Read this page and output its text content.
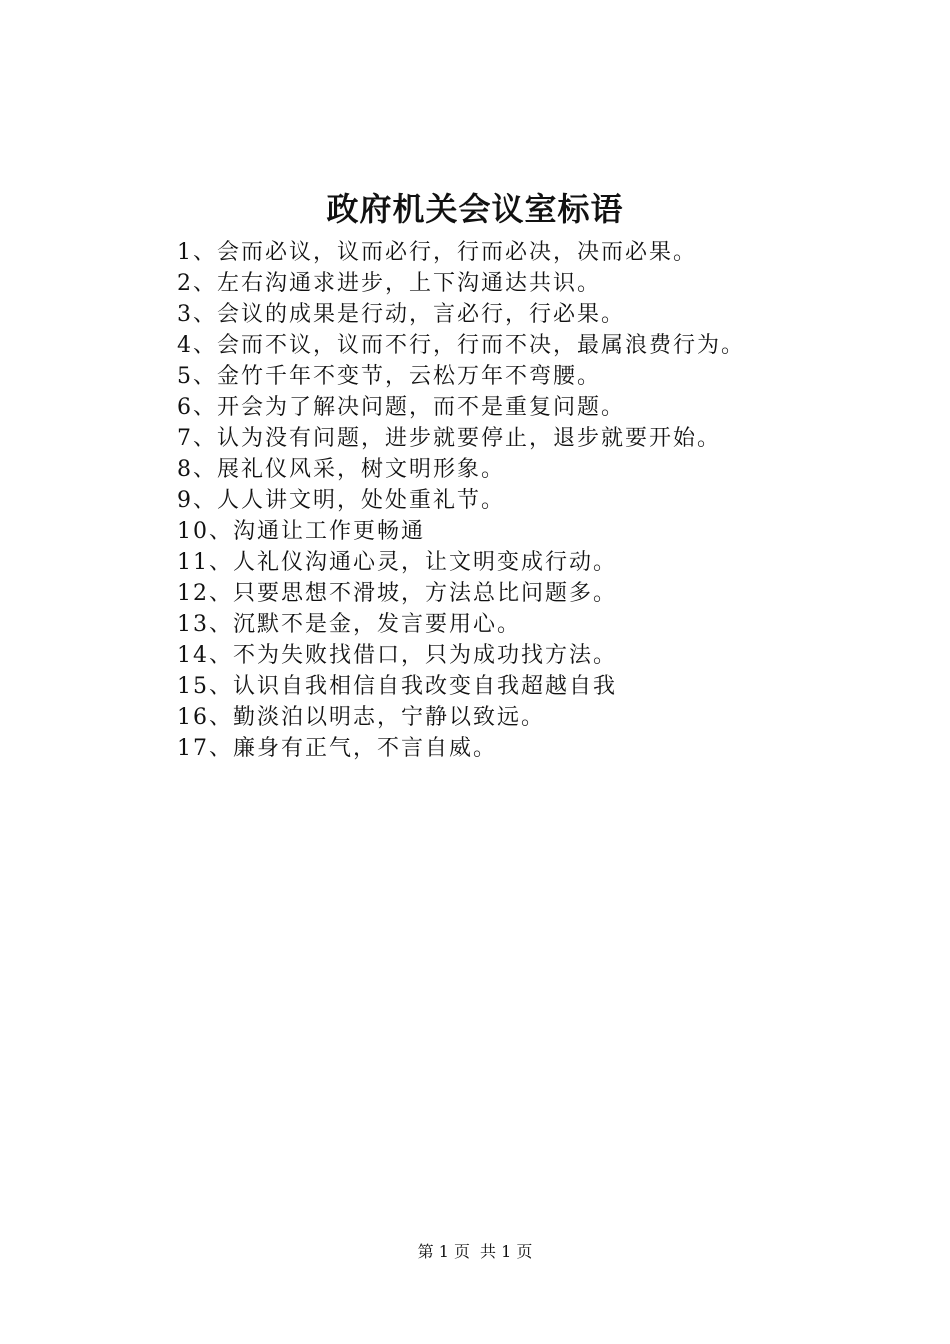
政府机关会议室标语
1、会而必议，议而必行，行而必决，决而必果。
2、左右沟通求进步，上下沟通达共识。
3、会议的成果是行动，言必行，行必果。
4、会而不议，议而不行，行而不决，最属浪费行为。
5、金竹千年不变节，云松万年不弯腰。
6、开会为了解决问题，而不是重复问题。
7、认为没有问题，进步就要停止，退步就要开始。
8、展礼仪风采，树文明形象。
9、人人讲文明，处处重礼节。
10、沟通让工作更畅通
11、人礼仪沟通心灵，让文明变成行动。
12、只要思想不滑坡，方法总比问题多。
13、沉默不是金，发言要用心。
14、不为失败找借口，只为成功找方法。
15、认识自我相信自我改变自我超越自我
16、勤淡泊以明志，宁静以致远。
17、廉身有正气，不言自威。
第 1 页 共 1 页
